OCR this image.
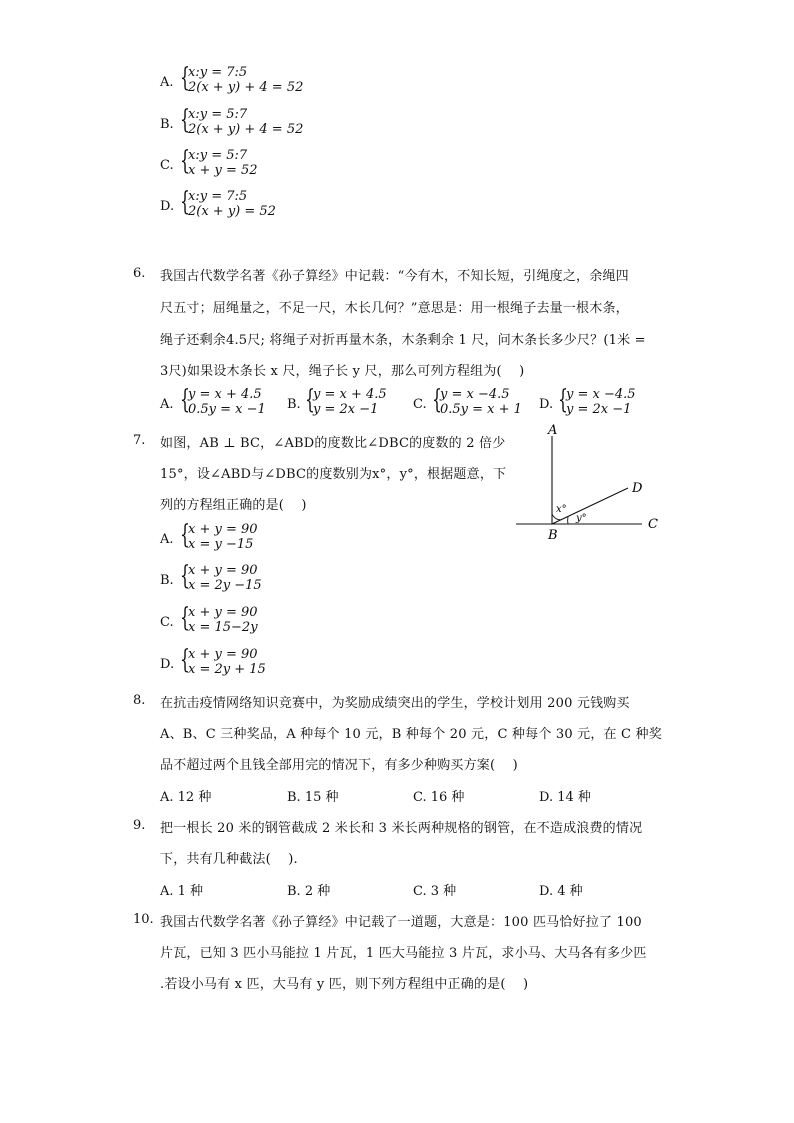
A. {
x:y = 7:5
2(x + y) + 4 = 52
B. {
x:y = 5:7
2(x + y) + 4 = 52
C. {
x:y = 5:7
x + y = 52
D. {
x:y = 7:5
2(x + y) = 52
6. 我国古代数学名著《孙子算经》中记载：“今有木，不知长短，引绳度之，余绳四
尺五寸；屈绳量之，不足一尺，木长几何？”意思是：用一根绳子去量一根木条，
绳子还剩余4.5尺; 将绳子对折再量木条，木条剩余 1 尺，问木条长多少尺？(1米 =
3尺)如果设木条长 x 尺，绳子长 y 尺，那么可列方程组为(    )
A. {
y = x + 4.5
0.5y = x −1 B. {
y = x + 4.5
y = 2x −1	C. {
y = x −4.5
0.5y = x + 1 D. {
y = x −4.5
y = 2x −1
7. 如图，AB ⊥ BC，∠ABD的度数比∠DBC的度数的 2 倍少
15°，设∠ABD与∠DBC的度数别为x°，y°，根据题意，下
列的方程组正确的是(    )
A. {
x + y = 90
x = y −15
B. {
x + y = 90
x = 2y −15
C. {
x + y = 90
x = 15−2y
D. {
x + y = 90
x = 2y + 15
A
B
C
D
x°
y°
8. 在抗击疫情网络知识竞赛中，为奖励成绩突出的学生，学校计划用 200 元钱购买
A、B、C 三种奖品，A 种每个 10 元，B 种每个 20 元，C 种每个 30 元，在 C 种奖
品不超过两个且钱全部用完的情况下，有多少种购买方案(    )
A. 12 种	B. 15 种	C. 16 种	D. 14 种
9. 把一根长 20 米的钢管截成 2 米长和 3 米长两种规格的钢管，在不造成浪费的情况
下，共有几种截法(    ).
A. 1 种	B. 2 种	C. 3 种	D. 4 种
10. 我国古代数学名著《孙子算经》中记载了一道题，大意是：100 匹马恰好拉了 100
片瓦，已知 3 匹小马能拉 1 片瓦，1 匹大马能拉 3 片瓦，求小马、大马各有多少匹
.若设小马有 x 匹，大马有 y 匹，则下列方程组中正确的是(    )
